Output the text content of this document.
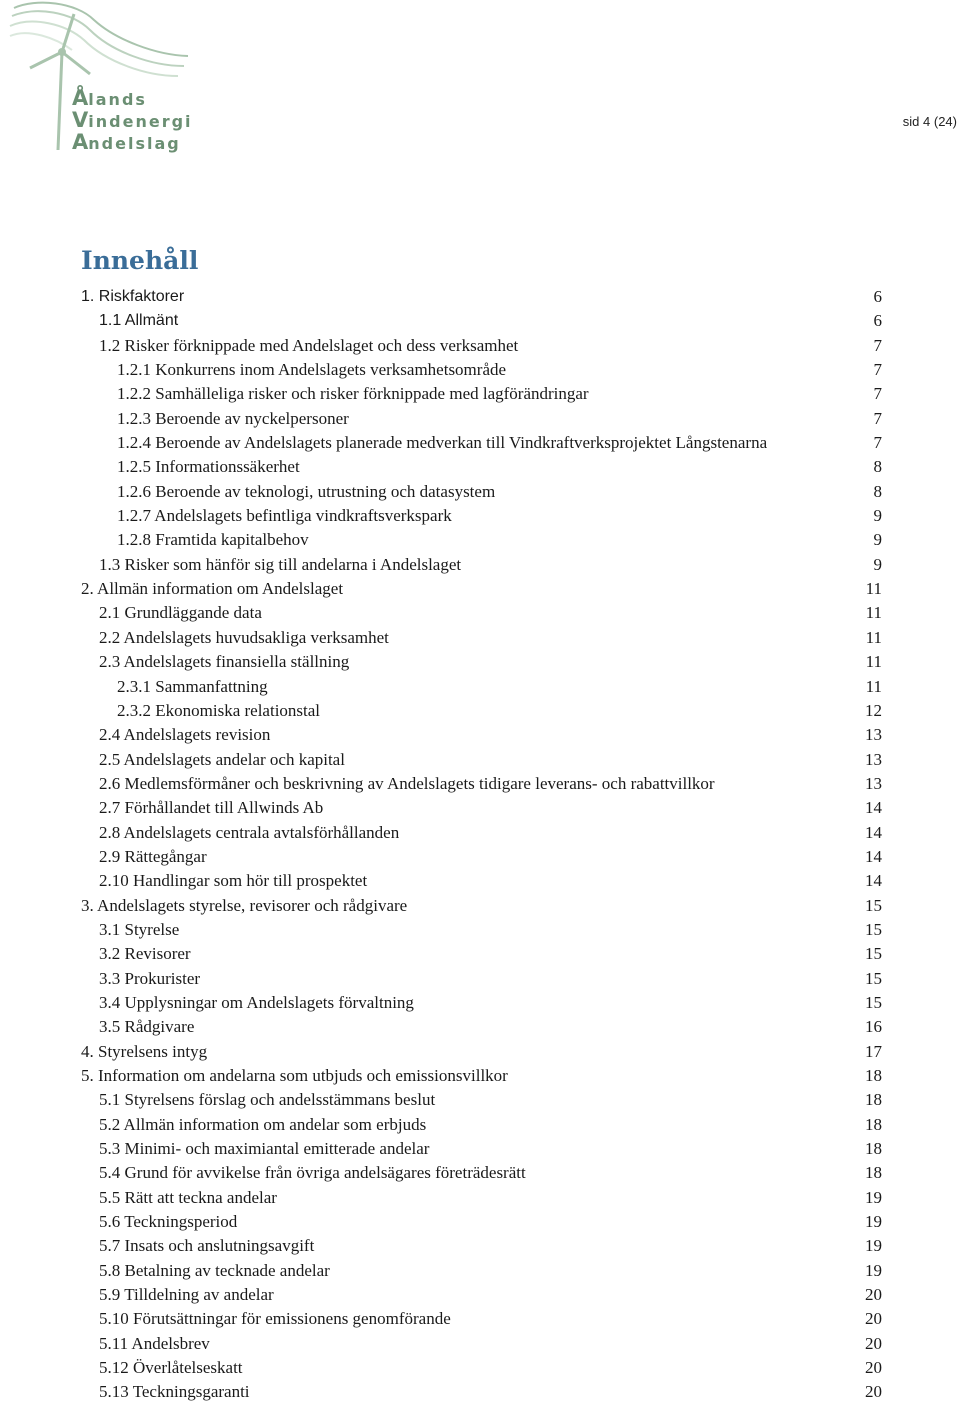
Ålands
Vindenergi
Andelslag
sid 4 (24)
Innehåll
1. Riskfaktorer	6
1.1 Allmänt	6
1.2 Risker förknippade med Andelslaget och dess verksamhet	7
1.2.1 Konkurrens inom Andelslagets verksamhetsområde	7
1.2.2 Samhälleliga risker och risker förknippade med lagförändringar	7
1.2.3 Beroende av nyckelpersoner	7
1.2.4 Beroende av Andelslagets planerade medverkan till Vindkraftverksprojektet Långstenarna	7
1.2.5 Informationssäkerhet	8
1.2.6 Beroende av teknologi, utrustning och datasystem	8
1.2.7 Andelslagets befintliga vindkraftsverkspark	9
1.2.8 Framtida kapitalbehov	9
1.3 Risker som hänför sig till andelarna i Andelslaget	9
2. Allmän information om Andelslaget	11
2.1 Grundläggande data	11
2.2 Andelslagets huvudsakliga verksamhet	11
2.3 Andelslagets finansiella ställning	11
2.3.1 Sammanfattning	11
2.3.2 Ekonomiska relationstal	12
2.4 Andelslagets revision	13
2.5 Andelslagets andelar och kapital	13
2.6 Medlemsförmåner och beskrivning av Andelslagets tidigare leverans- och rabattvillkor	13
2.7 Förhållandet till Allwinds Ab	14
2.8 Andelslagets centrala avtalsförhållanden	14
2.9 Rättegångar	14
2.10 Handlingar som hör till prospektet	14
3. Andelslagets styrelse, revisorer och rådgivare	15
3.1 Styrelse	15
3.2 Revisorer	15
3.3 Prokurister	15
3.4 Upplysningar om Andelslagets förvaltning	15
3.5 Rådgivare	16
4. Styrelsens intyg	17
5. Information om andelarna som utbjuds och emissionsvillkor	18
5.1 Styrelsens förslag och andelsstämmans beslut	18
5.2 Allmän information om andelar som erbjuds	18
5.3 Minimi- och maximiantal emitterade andelar	18
5.4 Grund för avvikelse från övriga andelsägares företrädesrätt	18
5.5 Rätt att teckna andelar	19
5.6 Teckningsperiod	19
5.7 Insats och anslutningsavgift	19
5.8 Betalning av tecknade andelar	19
5.9 Tilldelning av andelar	20
5.10 Förutsättningar för emissionens genomförande	20
5.11 Andelsbrev	20
5.12 Överlåtelseskatt	20
5.13 Teckningsgaranti	20
